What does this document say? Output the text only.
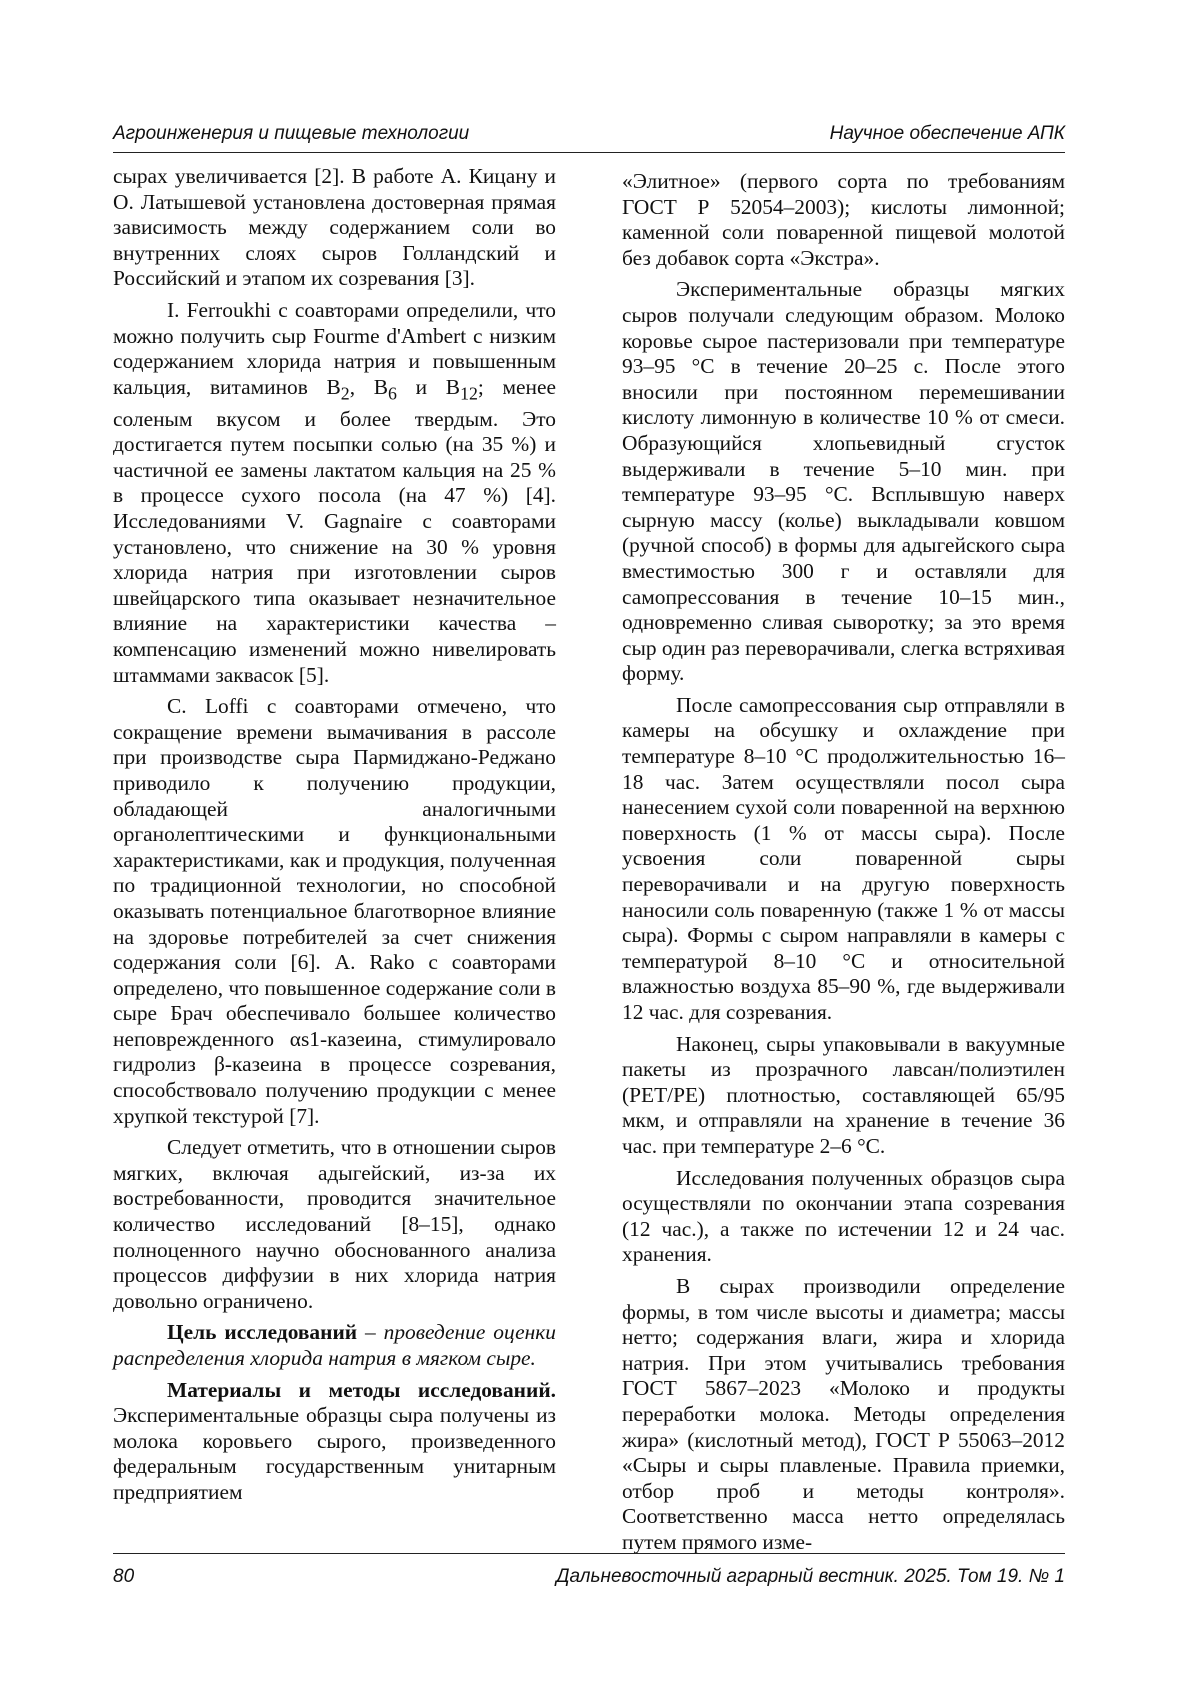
Агроинженерия и пищевые технологии	Научное обеспечение АПК

сырах увеличивается [2]. В работе А. Кицану и О. Латышевой установлена достоверная прямая зависимость между содержанием соли во внутренних слоях сыров Голландский и Российский и этапом их созревания [3].

I. Ferroukhi с соавторами определили, что можно получить сыр Fourme d'Ambert с низким содержанием хлорида натрия и повышенным кальция, витаминов $B_2$, $B_6$ и $B_{12}$; менее соленым вкусом и более твердым. Это достигается путем посыпки солью (на 35 %) и частичной ее замены лактатом кальция на 25 % в процессе сухого посола (на 47 %) [4]. Исследованиями V. Gagnaire с соавторами установлено, что снижение на 30 % уровня хлорида натрия при изготовлении сыров швейцарского типа оказывает незначительное влияние на характеристики качества – компенсацию изменений можно нивелировать штаммами заквасок [5].

C. Loffi с соавторами отмечено, что сокращение времени вымачивания в рассоле при производстве сыра Пармиджано-Реджано приводило к получению продукции, обладающей аналогичными органолептическими и функциональными характеристиками, как и продукция, полученная по традиционной технологии, но способной оказывать потенциальное благотворное влияние на здоровье потребителей за счет снижения содержания соли [6]. A. Rako с соавторами определено, что повышенное содержание соли в сыре Брач обеспечивало большее количество неповрежденного αs1-казеина, стимулировало гидролиз β-казеина в процессе созревания, способствовало получению продукции с менее хрупкой текстурой [7].

Следует отметить, что в отношении сыров мягких, включая адыгейский, из-за их востребованности, проводится значительное количество исследований [8–15], однако полноценного научно обоснованного анализа процессов диффузии в них хлорида натрия довольно ограничено.

Цель исследований – проведение оценки распределения хлорида натрия в мягком сыре.

Материалы и методы исследований. Экспериментальные образцы сыра получены из молока коровьего сырого, произведенного федеральным государственным унитарным предприятием

«Элитное» (первого сорта по требованиям ГОСТ Р 52054–2003); кислоты лимонной; каменной соли поваренной пищевой молотой без добавок сорта «Экстра».

Экспериментальные образцы мягких сыров получали следующим образом. Молоко коровье сырое пастеризовали при температуре 93–95 °С в течение 20–25 с. После этого вносили при постоянном перемешивании кислоту лимонную в количестве 10 % от смеси. Образующийся хлопьевидный сгусток выдерживали в течение 5–10 мин. при температуре 93–95 °С. Всплывшую наверх сырную массу (колье) выкладывали ковшом (ручной способ) в формы для адыгейского сыра вместимостью 300 г и оставляли для самопрессования в течение 10–15 мин., одновременно сливая сыворотку; за это время сыр один раз переворачивали, слегка встряхивая форму.

После самопрессования сыр отправляли в камеры на обсушку и охлаждение при температуре 8–10 °С продолжительностью 16–18 час. Затем осуществляли посол сыра нанесением сухой соли поваренной на верхнюю поверхность (1 % от массы сыра). После усвоения соли поваренной сыры переворачивали и на другую поверхность наносили соль поваренную (также 1 % от массы сыра). Формы с сыром направляли в камеры с температурой 8–10 °С и относительной влажностью воздуха 85–90 %, где выдерживали 12 час. для созревания.

Наконец, сыры упаковывали в вакуумные пакеты из прозрачного лавсан/полиэтилен (PET/PE) плотностью, составляющей 65/95 мкм, и отправляли на хранение в течение 36 час. при температуре 2–6 °С.

Исследования полученных образцов сыра осуществляли по окончании этапа созревания (12 час.), а также по истечении 12 и 24 час. хранения.

В сырах производили определение формы, в том числе высоты и диаметра; массы нетто; содержания влаги, жира и хлорида натрия. При этом учитывались требования ГОСТ 5867–2023 «Молоко и продукты переработки молока. Методы определения жира» (кислотный метод), ГОСТ Р 55063–2012 «Сыры и сыры плавленые. Правила приемки, отбор проб и методы контроля». Соответственно масса нетто определялась путем прямого изме-

80	Дальневосточный аграрный вестник. 2025. Том 19. № 1
